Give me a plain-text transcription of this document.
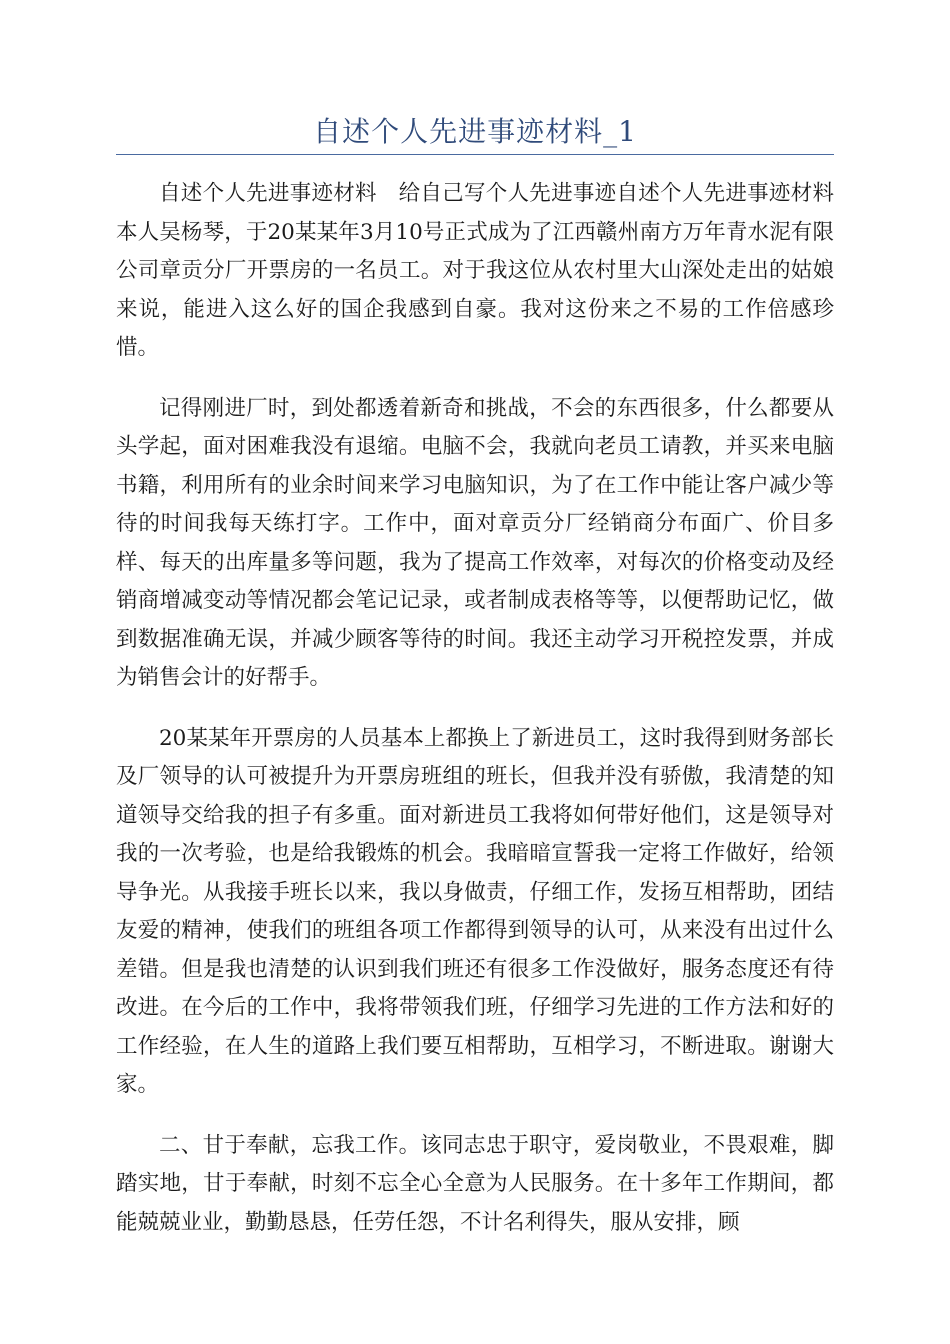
自述个人先进事迹材料_1

自述个人先进事迹材料　给自己写个人先进事迹自述个人先进事迹材料　本人吴杨琴，于20某某年3月10号正式成为了江西赣州南方万年青水泥有限公司章贡分厂开票房的一名员工。对于我这位从农村里大山深处走出的姑娘来说，能进入这么好的国企我感到自豪。我对这份来之不易的工作倍感珍惜。

记得刚进厂时，到处都透着新奇和挑战，不会的东西很多，什么都要从头学起，面对困难我没有退缩。电脑不会，我就向老员工请教，并买来电脑书籍，利用所有的业余时间来学习电脑知识，为了在工作中能让客户减少等待的时间我每天练打字。工作中，面对章贡分厂经销商分布面广、价目多样、每天的出库量多等问题，我为了提高工作效率，对每次的价格变动及经销商增减变动等情况都会笔记记录，或者制成表格等等，以便帮助记忆，做到数据准确无误，并减少顾客等待的时间。我还主动学习开税控发票，并成为销售会计的好帮手。

20某某年开票房的人员基本上都换上了新进员工，这时我得到财务部长及厂领导的认可被提升为开票房班组的班长，但我并没有骄傲，我清楚的知道领导交给我的担子有多重。面对新进员工我将如何带好他们，这是领导对我的一次考验，也是给我锻炼的机会。我暗暗宣誓我一定将工作做好，给领导争光。从我接手班长以来，我以身做责，仔细工作，发扬互相帮助，团结友爱的精神，使我们的班组各项工作都得到领导的认可，从来没有出过什么差错。但是我也清楚的认识到我们班还有很多工作没做好，服务态度还有待改进。在今后的工作中，我将带领我们班，仔细学习先进的工作方法和好的工作经验，在人生的道路上我们要互相帮助，互相学习，不断进取。谢谢大家。

二、甘于奉献，忘我工作。该同志忠于职守，爱岗敬业，不畏艰难，脚踏实地，甘于奉献，时刻不忘全心全意为人民服务。在十多年工作期间，都能兢兢业业，勤勤恳恳，任劳任怨，不计名利得失，服从安排，顾
